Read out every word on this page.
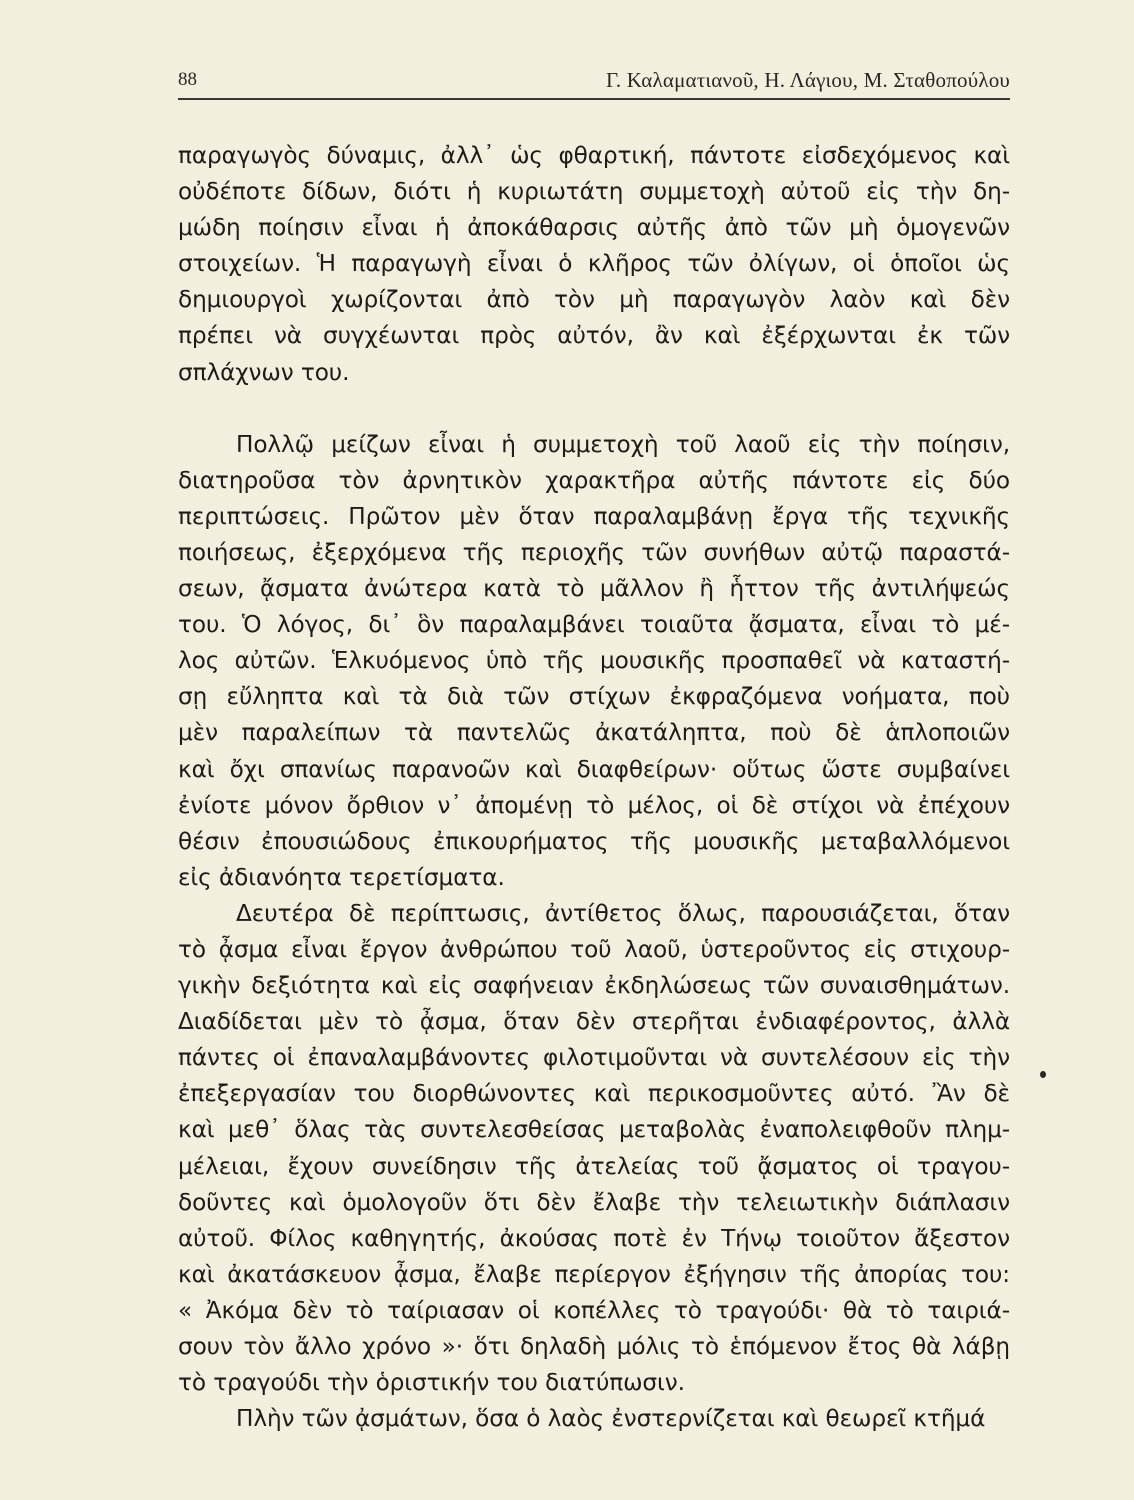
88	Γ. Καλαματιανοῦ, Η. Λάγιου, Μ. Σταθοπούλου
παραγωγὸς δύναμις, ἀλλ᾽ ὡς φθαρτική, πάντοτε εἰσδεχόμενος καὶ
οὐδέποτε δίδων, διότι ἡ κυριωτάτη συμμετοχὴ αὐτοῦ εἰς τὴν δη-
μώδη ποίησιν εἶναι ἡ ἀποκάθαρσις αὐτῆς ἀπὸ τῶν μὴ ὁμογενῶν
στοιχείων. Ἡ παραγωγὴ εἶναι ὁ κλῆρος τῶν ὀλίγων, οἱ ὁποῖοι ὡς
δημιουργοὶ χωρίζονται ἀπὸ τὸν μὴ παραγωγὸν λαὸν καὶ δὲν
πρέπει νὰ συγχέωνται πρὸς αὐτόν, ἂν καὶ ἐξέρχωνται ἐκ τῶν
σπλάχνων του.
Πολλῷ μείζων εἶναι ἡ συμμετοχὴ τοῦ λαοῦ εἰς τὴν ποίησιν,
διατηροῦσα τὸν ἀρνητικὸν χαρακτῆρα αὐτῆς πάντοτε εἰς δύο
περιπτώσεις. Πρῶτον μὲν ὅταν παραλαμβάνῃ ἔργα τῆς τεχνικῆς
ποιήσεως, ἐξερχόμενα τῆς περιοχῆς τῶν συνήθων αὐτῷ παραστά-
σεων, ᾄσματα ἀνώτερα κατὰ τὸ μᾶλλον ἢ ἧττον τῆς ἀντιλήψεώς
του. Ὁ λόγος, δι᾽ ὃν παραλαμβάνει τοιαῦτα ᾄσματα, εἶναι τὸ μέ-
λος αὐτῶν. Ἑλκυόμενος ὑπὸ τῆς μουσικῆς προσπαθεῖ νὰ καταστή-
σῃ εὔληπτα καὶ τὰ διὰ τῶν στίχων ἐκφραζόμενα νοήματα, ποὺ
μὲν παραλείπων τὰ παντελῶς ἀκατάληπτα, ποὺ δὲ ἁπλοποιῶν
καὶ ὄχι σπανίως παρανοῶν καὶ διαφθείρων· οὕτως ὥστε συμβαίνει
ἐνίοτε μόνον ὄρθιον ν᾽ ἀπομένῃ τὸ μέλος, οἱ δὲ στίχοι νὰ ἐπέχουν
θέσιν ἐπουσιώδους ἐπικουρήματος τῆς μουσικῆς μεταβαλλόμενοι
εἰς ἀδιανόητα τερετίσματα.
Δευτέρα δὲ περίπτωσις, ἀντίθετος ὅλως, παρουσιάζεται, ὅταν
τὸ ᾆσμα εἶναι ἔργον ἀνθρώπου τοῦ λαοῦ, ὑστεροῦντος εἰς στιχουρ-
γικὴν δεξιότητα καὶ εἰς σαφήνειαν ἐκδηλώσεως τῶν συναισθημάτων.
Διαδίδεται μὲν τὸ ᾆσμα, ὅταν δὲν στερῆται ἐνδιαφέροντος, ἀλλὰ
πάντες οἱ ἐπαναλαμβάνοντες φιλοτιμοῦνται νὰ συντελέσουν εἰς τὴν
ἐπεξεργασίαν του διορθώνοντες καὶ περικοσμοῦντες αὐτό. Ἂν δὲ
καὶ μεθ᾽ ὅλας τὰς συντελεσθείσας μεταβολὰς ἐναπολειφθοῦν πλημ-
μέλειαι, ἔχουν συνείδησιν τῆς ἀτελείας τοῦ ᾄσματος οἱ τραγου-
δοῦντες καὶ ὁμολογοῦν ὅτι δὲν ἔλαβε τὴν τελειωτικὴν διάπλασιν
αὐτοῦ. Φίλος καθηγητής, ἀκούσας ποτὲ ἐν Τήνῳ τοιοῦτον ἄξεστον
καὶ ἀκατάσκευον ᾆσμα, ἔλαβε περίεργον ἐξήγησιν τῆς ἀπορίας του:
« Ἀκόμα δὲν τὸ ταίριασαν οἱ κοπέλλες τὸ τραγούδι· θὰ τὸ ταιριά-
σουν τὸν ἄλλο χρόνο »· ὅτι δηλαδὴ μόλις τὸ ἑπόμενον ἔτος θὰ λάβῃ
τὸ τραγούδι τὴν ὁριστικήν του διατύπωσιν.
Πλὴν τῶν ᾀσμάτων, ὅσα ὁ λαὸς ἐνστερνίζεται καὶ θεωρεῖ κτῆμά
